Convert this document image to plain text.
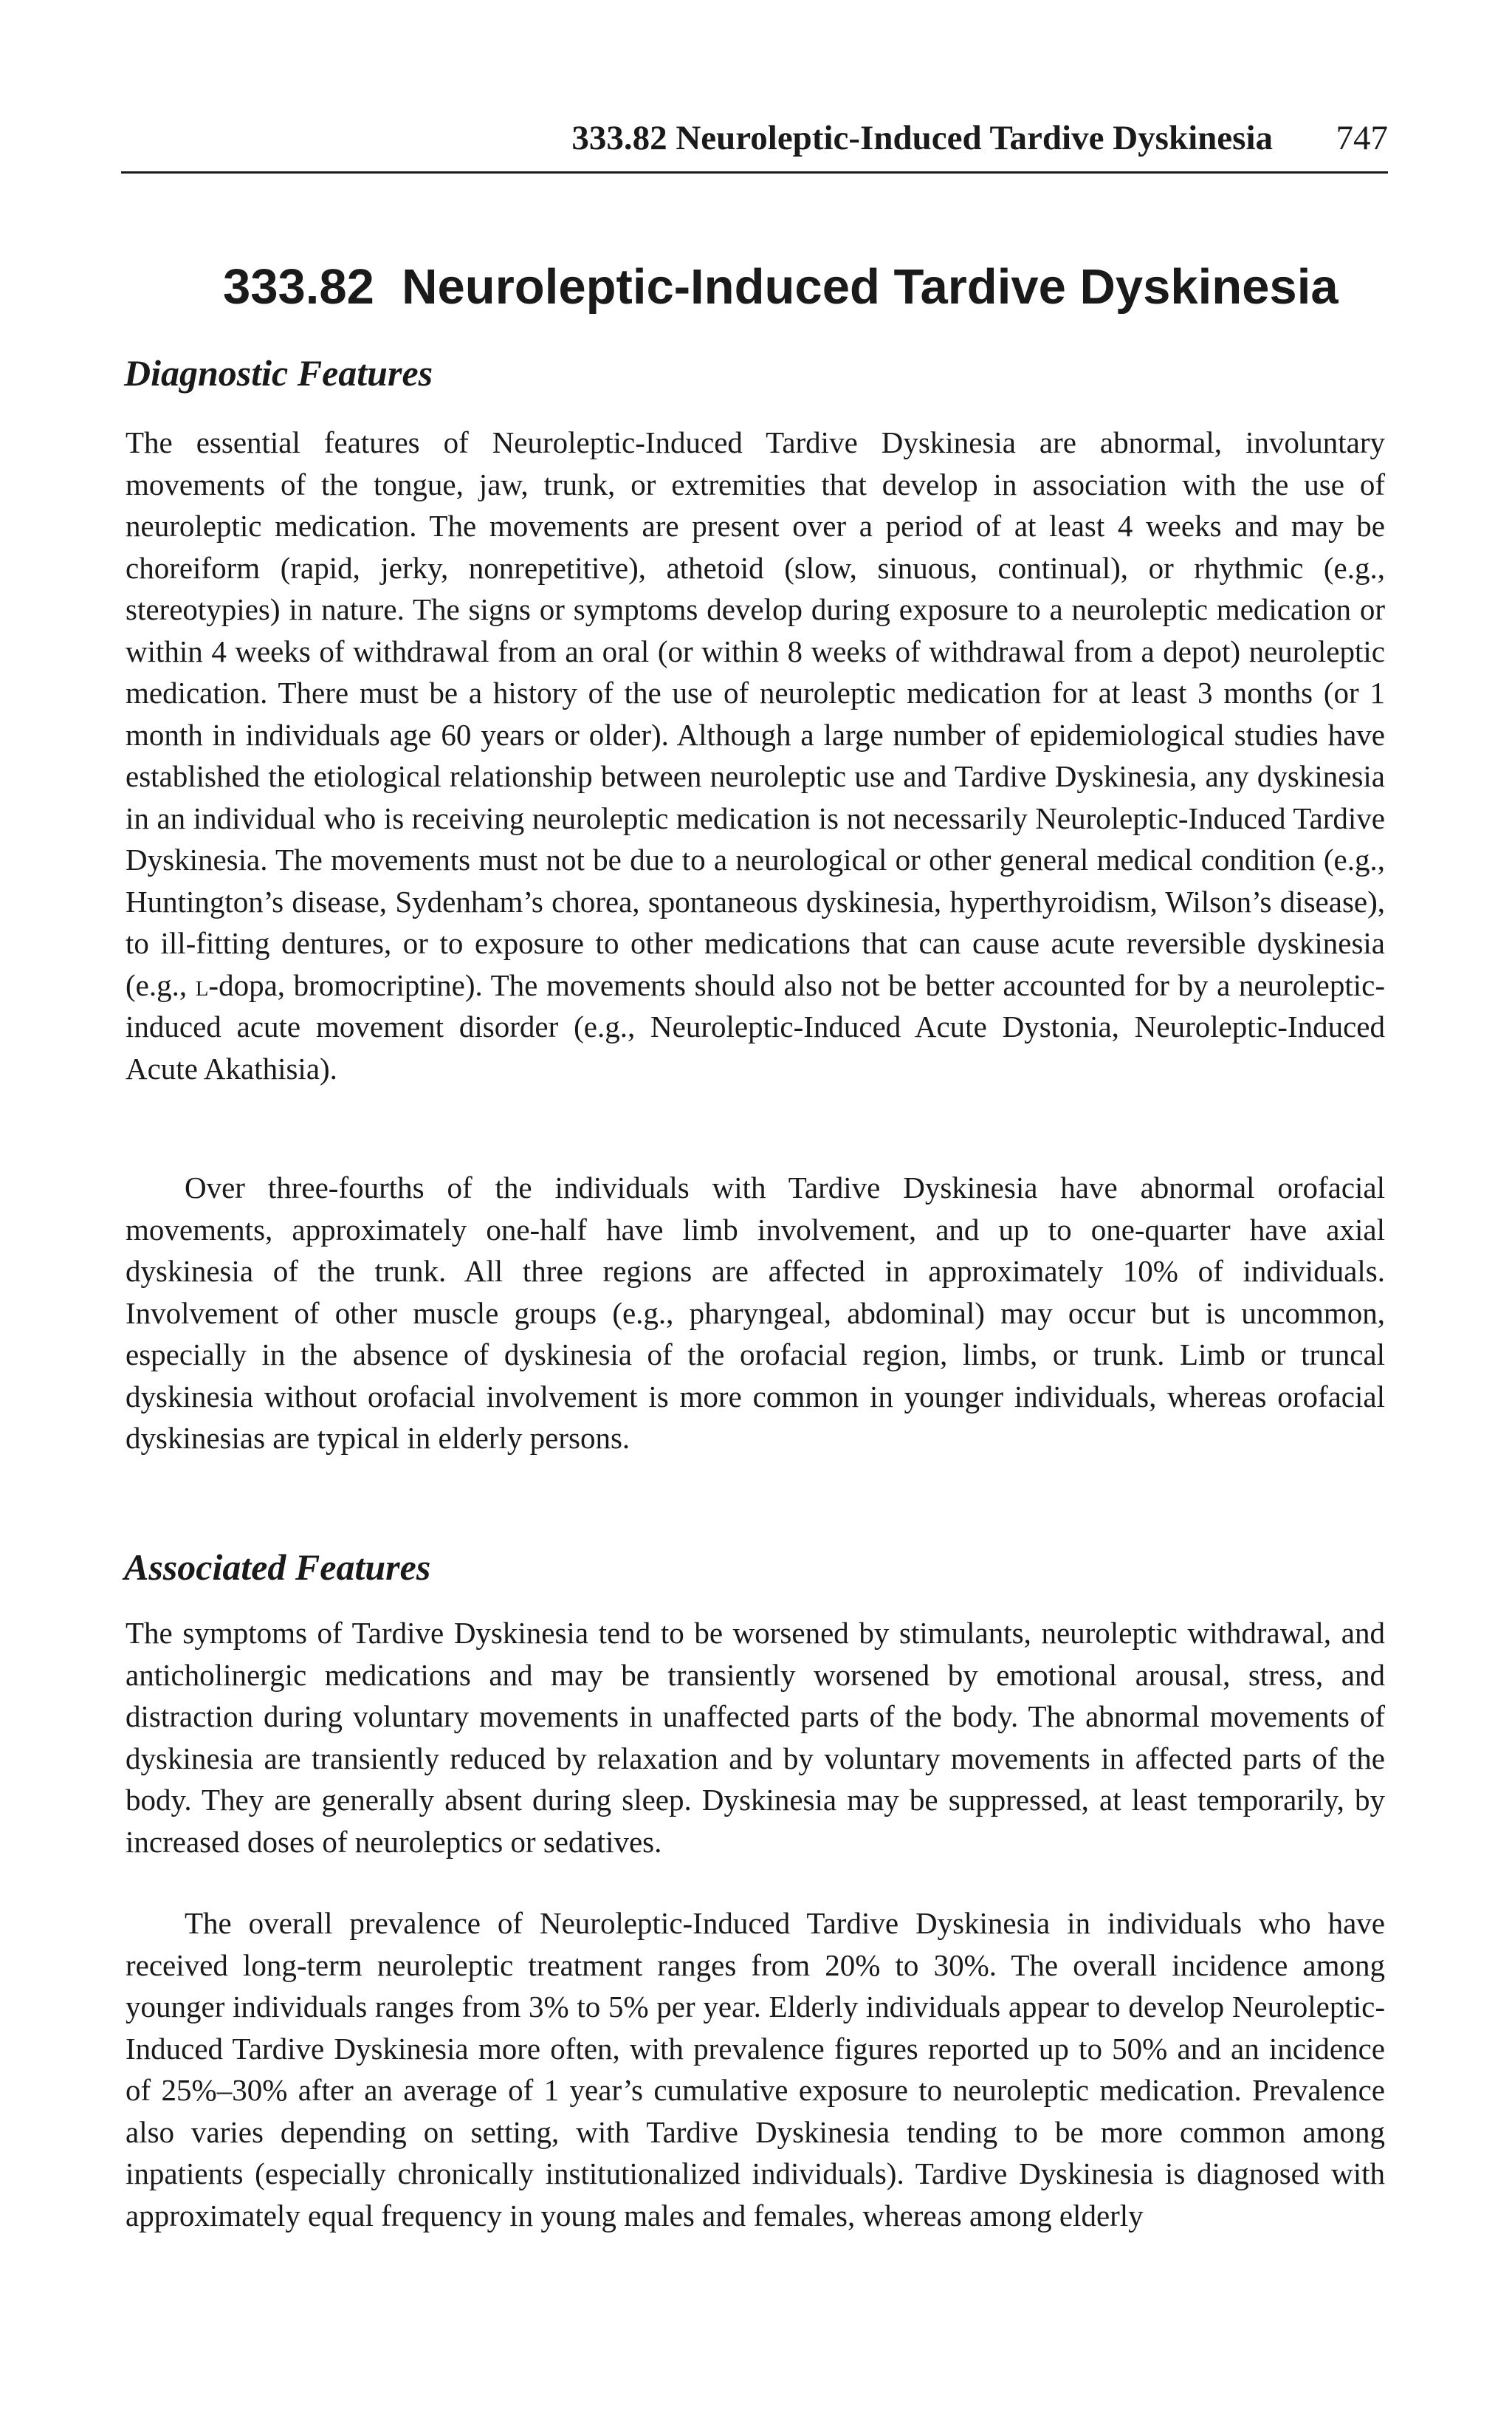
333.82 Neuroleptic-Induced Tardive Dyskinesia 747
333.82  Neuroleptic-Induced Tardive Dyskinesia
Diagnostic Features

The essential features of Neuroleptic-Induced Tardive Dyskinesia are abnormal, involuntary movements of the tongue, jaw, trunk, or extremities that develop in association with the use of neuroleptic medication. The movements are present over a period of at least 4 weeks and may be choreiform (rapid, jerky, nonrepetitive), athetoid (slow, sinuous, continual), or rhythmic (e.g., stereotypies) in nature. The signs or symptoms develop during exposure to a neuroleptic medication or within 4 weeks of withdrawal from an oral (or within 8 weeks of withdrawal from a depot) neuroleptic medication. There must be a history of the use of neuroleptic medication for at least 3 months (or 1 month in individuals age 60 years or older). Although a large number of epidemiological studies have established the etiological relationship between neuroleptic use and Tardive Dyskinesia, any dyskinesia in an individual who is receiving neuroleptic medication is not necessarily Neuroleptic-Induced Tardive Dyskinesia. The movements must not be due to a neurological or other general medical condition (e.g., Huntington’s disease, Sydenham’s chorea, spontaneous dyskinesia, hyperthyroidism, Wilson’s disease), to ill-fitting dentures, or to exposure to other medications that can cause acute reversible dyskinesia (e.g., l-dopa, bromocriptine). The movements should also not be better accounted for by a neuroleptic-induced acute movement disorder (e.g., Neuroleptic-Induced Acute Dystonia, Neuroleptic-Induced Acute Akathisia).

Over three-fourths of the individuals with Tardive Dyskinesia have abnormal orofacial movements, approximately one-half have limb involvement, and up to one-quarter have axial dyskinesia of the trunk. All three regions are affected in approximately 10% of individuals. Involvement of other muscle groups (e.g., pharyngeal, abdominal) may occur but is uncommon, especially in the absence of dyskinesia of the orofacial region, limbs, or trunk. Limb or truncal dyskinesia without orofacial involvement is more common in younger individuals, whereas orofacial dyskinesias are typical in elderly persons.

Associated Features

The symptoms of Tardive Dyskinesia tend to be worsened by stimulants, neuroleptic withdrawal, and anticholinergic medications and may be transiently worsened by emotional arousal, stress, and distraction during voluntary movements in unaffected parts of the body. The abnormal movements of dyskinesia are transiently reduced by relaxation and by voluntary movements in affected parts of the body. They are generally absent during sleep. Dyskinesia may be suppressed, at least temporarily, by increased doses of neuroleptics or sedatives.

The overall prevalence of Neuroleptic-Induced Tardive Dyskinesia in individuals who have received long-term neuroleptic treatment ranges from 20% to 30%. The overall incidence among younger individuals ranges from 3% to 5% per year. Elderly individuals appear to develop Neuroleptic-Induced Tardive Dyskinesia more often, with prevalence figures reported up to 50% and an incidence of 25%–30% after an average of 1 year’s cumulative exposure to neuroleptic medication. Prevalence also varies depending on setting, with Tardive Dyskinesia tending to be more common among inpatients (especially chronically institutionalized individuals). Tardive Dyskinesia is diagnosed with approximately equal frequency in young males and females, whereas among elderly
